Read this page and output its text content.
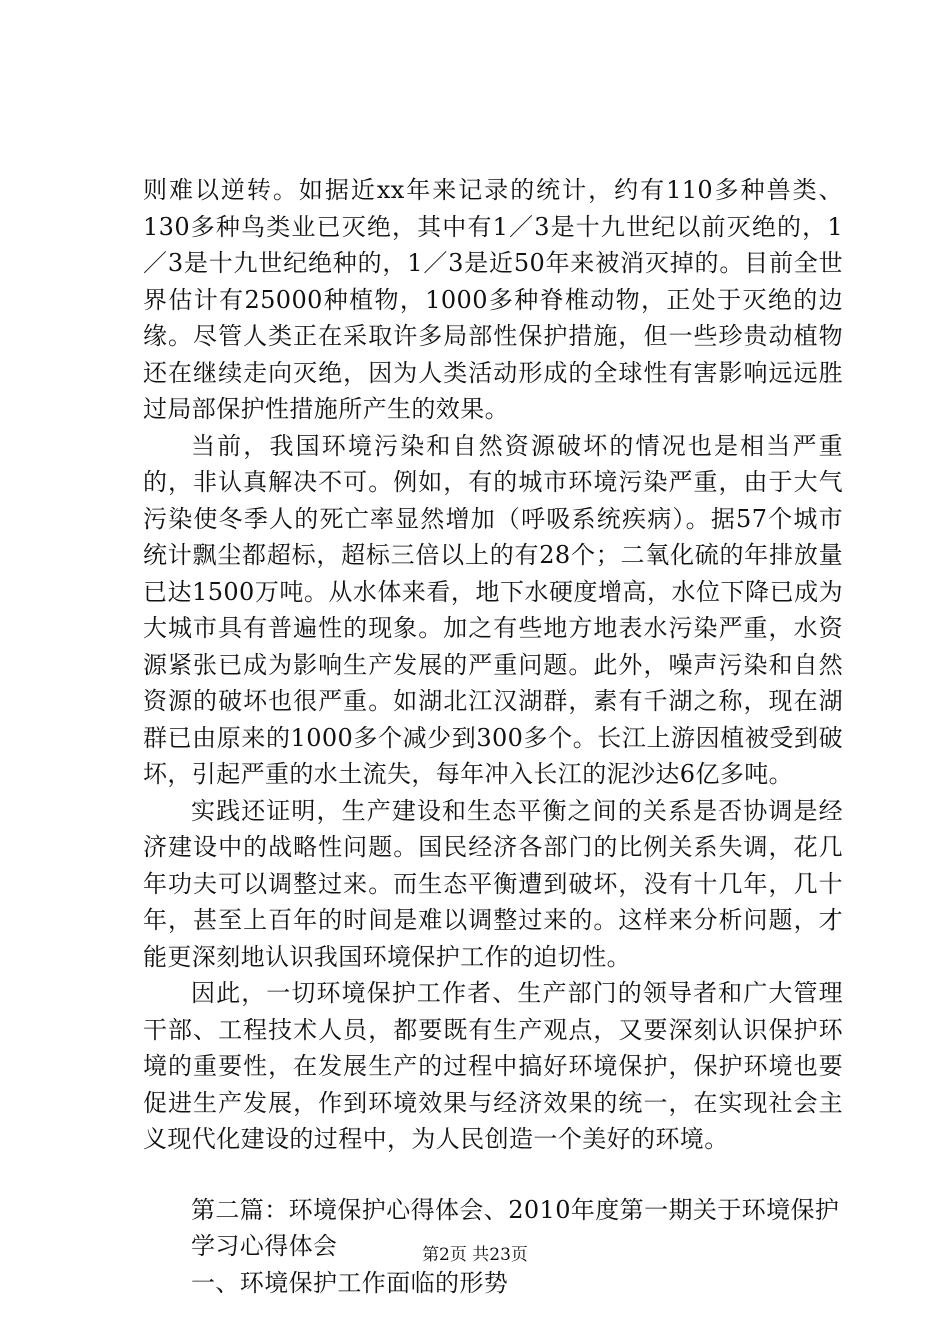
则难以逆转。如据近xx年来记录的统计，约有110多种兽类、130多种鸟类业已灭绝，其中有1／3是十九世纪以前灭绝的，1／3是十九世纪绝种的，1／3是近50年来被消灭掉的。目前全世界估计有25000种植物，1000多种脊椎动物，正处于灭绝的边缘。尽管人类正在采取许多局部性保护措施，但一些珍贵动植物还在继续走向灭绝，因为人类活动形成的全球性有害影响远远胜过局部保护性措施所产生的效果。

当前，我国环境污染和自然资源破坏的情况也是相当严重的，非认真解决不可。例如，有的城市环境污染严重，由于大气污染使冬季人的死亡率显然增加（呼吸系统疾病）。据57个城市统计飘尘都超标，超标三倍以上的有28个；二氧化硫的年排放量已达1500万吨。从水体来看，地下水硬度增高，水位下降已成为大城市具有普遍性的现象。加之有些地方地表水污染严重，水资源紧张已成为影响生产发展的严重问题。此外，噪声污染和自然资源的破坏也很严重。如湖北江汉湖群，素有千湖之称，现在湖群已由原来的1000多个减少到300多个。长江上游因植被受到破坏，引起严重的水土流失，每年冲入长江的泥沙达6亿多吨。

实践还证明，生产建设和生态平衡之间的关系是否协调是经济建设中的战略性问题。国民经济各部门的比例关系失调，花几年功夫可以调整过来。而生态平衡遭到破坏，没有十几年，几十年，甚至上百年的时间是难以调整过来的。这样来分析问题，才能更深刻地认识我国环境保护工作的迫切性。

因此，一切环境保护工作者、生产部门的领导者和广大管理干部、工程技术人员，都要既有生产观点，又要深刻认识保护环境的重要性，在发展生产的过程中搞好环境保护，保护环境也要促进生产发展，作到环境效果与经济效果的统一，在实现社会主义现代化建设的过程中，为人民创造一个美好的环境。

第二篇：环境保护心得体会、2010年度第一期关于环境保护

学习心得体会

一、环境保护工作面临的形势

第2页 共23页
